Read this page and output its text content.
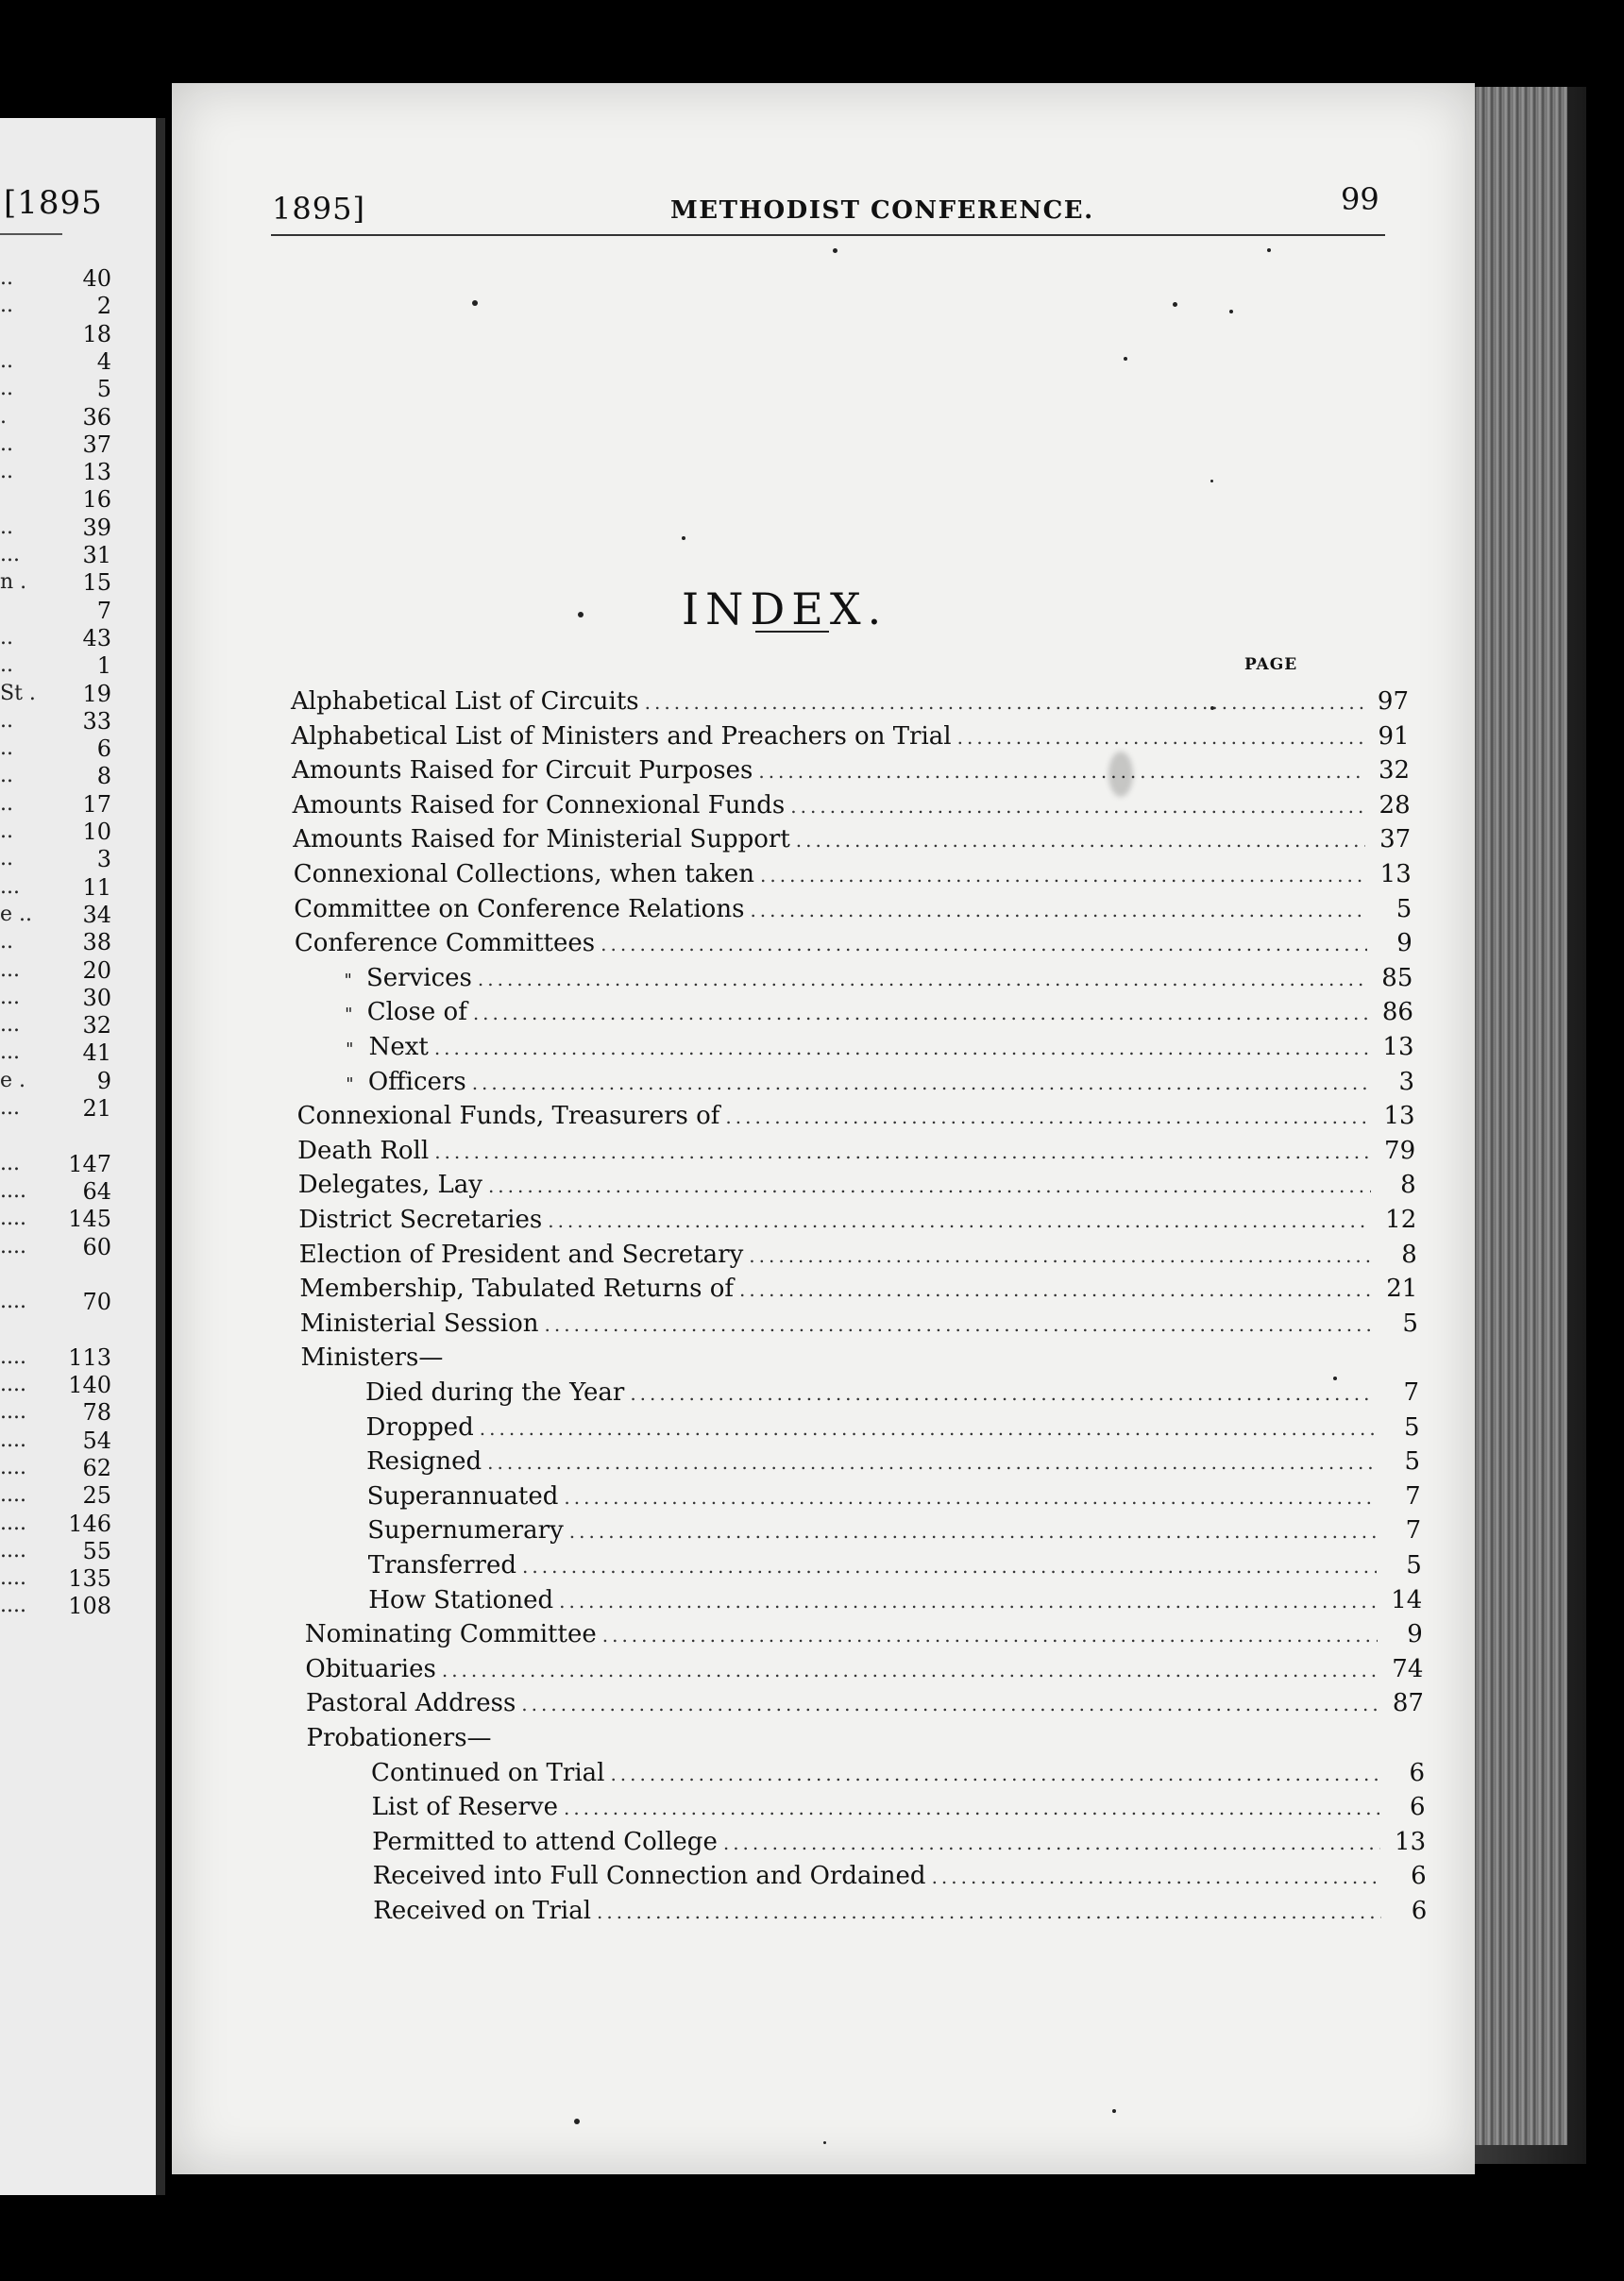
[1895
..	40
..	2
18
..	4
..	5
.	36
..	37
..	13
16
..	39
...	31
n .	15
7
..	43
..	1
St .	19
..	33
..	6
..	8
..	17
..	10
..	3
...	11
e ..	34
..	38
...	20
...	30
...	32
...	41
e .	9
...	21
...	147
....	64
....	145
....	60
....	70
....	113
....	140
....	78
....	54
....	62
....	25
....	146
....	55
....	135
....	108
1895]	METHODIST CONFERENCE.	99
INDEX.
PAGE
Alphabetical List of Circuits .....	97
Alphabetical List of Ministers and Preachers on Trial .....	91
Amounts Raised for Circuit Purposes .....	32
Amounts Raised for Connexional Funds .....	28
Amounts Raised for Ministerial Support .....	37
Connexional Collections, when taken .....	13
Committee on Conference Relations .....	5
Conference Committees .....	9
" Services .....	85
" Close of .....	86
" Next .....	13
" Officers .....	3
Connexional Funds, Treasurers of .....	13
Death Roll .....	79
Delegates, Lay .....	8
District Secretaries .....	12
Election of President and Secretary .....	8
Membership, Tabulated Returns of .....	21
Ministerial Session .....	5
Ministers—
Died during the Year .....	7
Dropped .....	5
Resigned .....	5
Superannuated .....	7
Supernumerary .....	7
Transferred .....	5
How Stationed .....	14
Nominating Committee .....	9
Obituaries .....	74
Pastoral Address .....	87
Probationers—
Continued on Trial .....	6
List of Reserve .....	6
Permitted to attend College .....	13
Received into Full Connection and Ordained .....	6
Received on Trial .....	6
